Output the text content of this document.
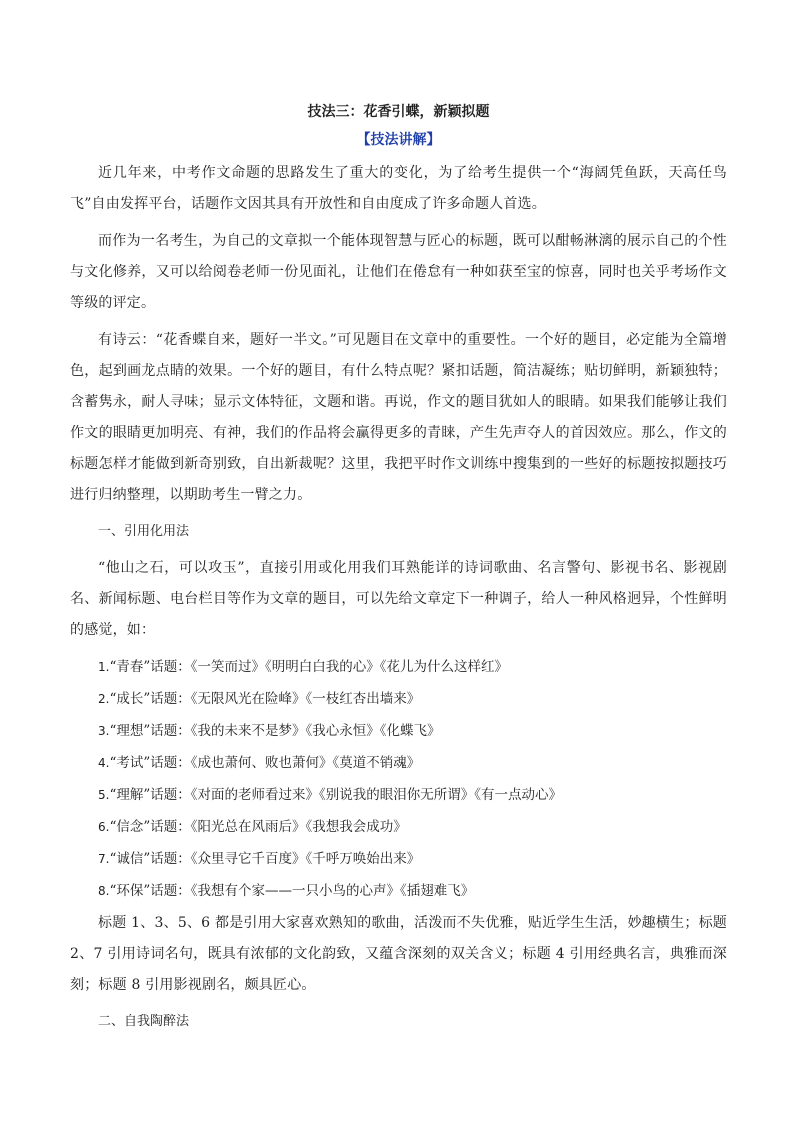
技法三：花香引蝶，新颖拟题

【技法讲解】

近几年来，中考作文命题的思路发生了重大的变化，为了给考生提供一个“海阔凭鱼跃，天高任鸟飞”自由发挥平台，话题作文因其具有开放性和自由度成了许多命题人首选。

而作为一名考生，为自己的文章拟一个能体现智慧与匠心的标题，既可以酣畅淋漓的展示自己的个性与文化修养，又可以给阅卷老师一份见面礼，让他们在倦怠有一种如获至宝的惊喜，同时也关乎考场作文等级的评定。

有诗云：“花香蝶自来，题好一半文。”可见题目在文章中的重要性。一个好的题目，必定能为全篇增色，起到画龙点睛的效果。一个好的题目，有什么特点呢？紧扣话题，简洁凝练；贴切鲜明，新颖独特；含蓄隽永，耐人寻味；显示文体特征，文题和谐。再说，作文的题目犹如人的眼睛。如果我们能够让我们作文的眼睛更加明亮、有神，我们的作品将会赢得更多的青睐，产生先声夺人的首因效应。那么，作文的标题怎样才能做到新奇别致，自出新裁呢？这里，我把平时作文训练中搜集到的一些好的标题按拟题技巧进行归纳整理，以期助考生一臂之力。

一、引用化用法

“他山之石，可以攻玉”，直接引用或化用我们耳熟能详的诗词歌曲、名言警句、影视书名、影视剧名、新闻标题、电台栏目等作为文章的题目，可以先给文章定下一种调子，给人一种风格迥异，个性鲜明的感觉，如：

1.“青春”话题：《一笑而过》《明明白白我的心》《花儿为什么这样红》

2.“成长”话题：《无限风光在险峰》《一枝红杏出墙来》

3.“理想”话题：《我的未来不是梦》《我心永恒》《化蝶飞》

4.“考试”话题：《成也萧何、败也萧何》《莫道不销魂》

5.“理解”话题：《对面的老师看过来》《别说我的眼泪你无所谓》《有一点动心》

6.“信念”话题：《阳光总在风雨后》《我想我会成功》

7.“诚信”话题：《众里寻它千百度》《千呼万唤始出来》

8.“环保”话题：《我想有个家——一只小鸟的心声》《插翅难飞》

标题 1、3、5、6 都是引用大家喜欢熟知的歌曲，活泼而不失优雅，贴近学生生活，妙趣横生；标题 2、7 引用诗词名句，既具有浓郁的文化韵致，又蕴含深刻的双关含义；标题 4 引用经典名言，典雅而深刻；标题 8 引用影视剧名，颇具匠心。

二、自我陶醉法
